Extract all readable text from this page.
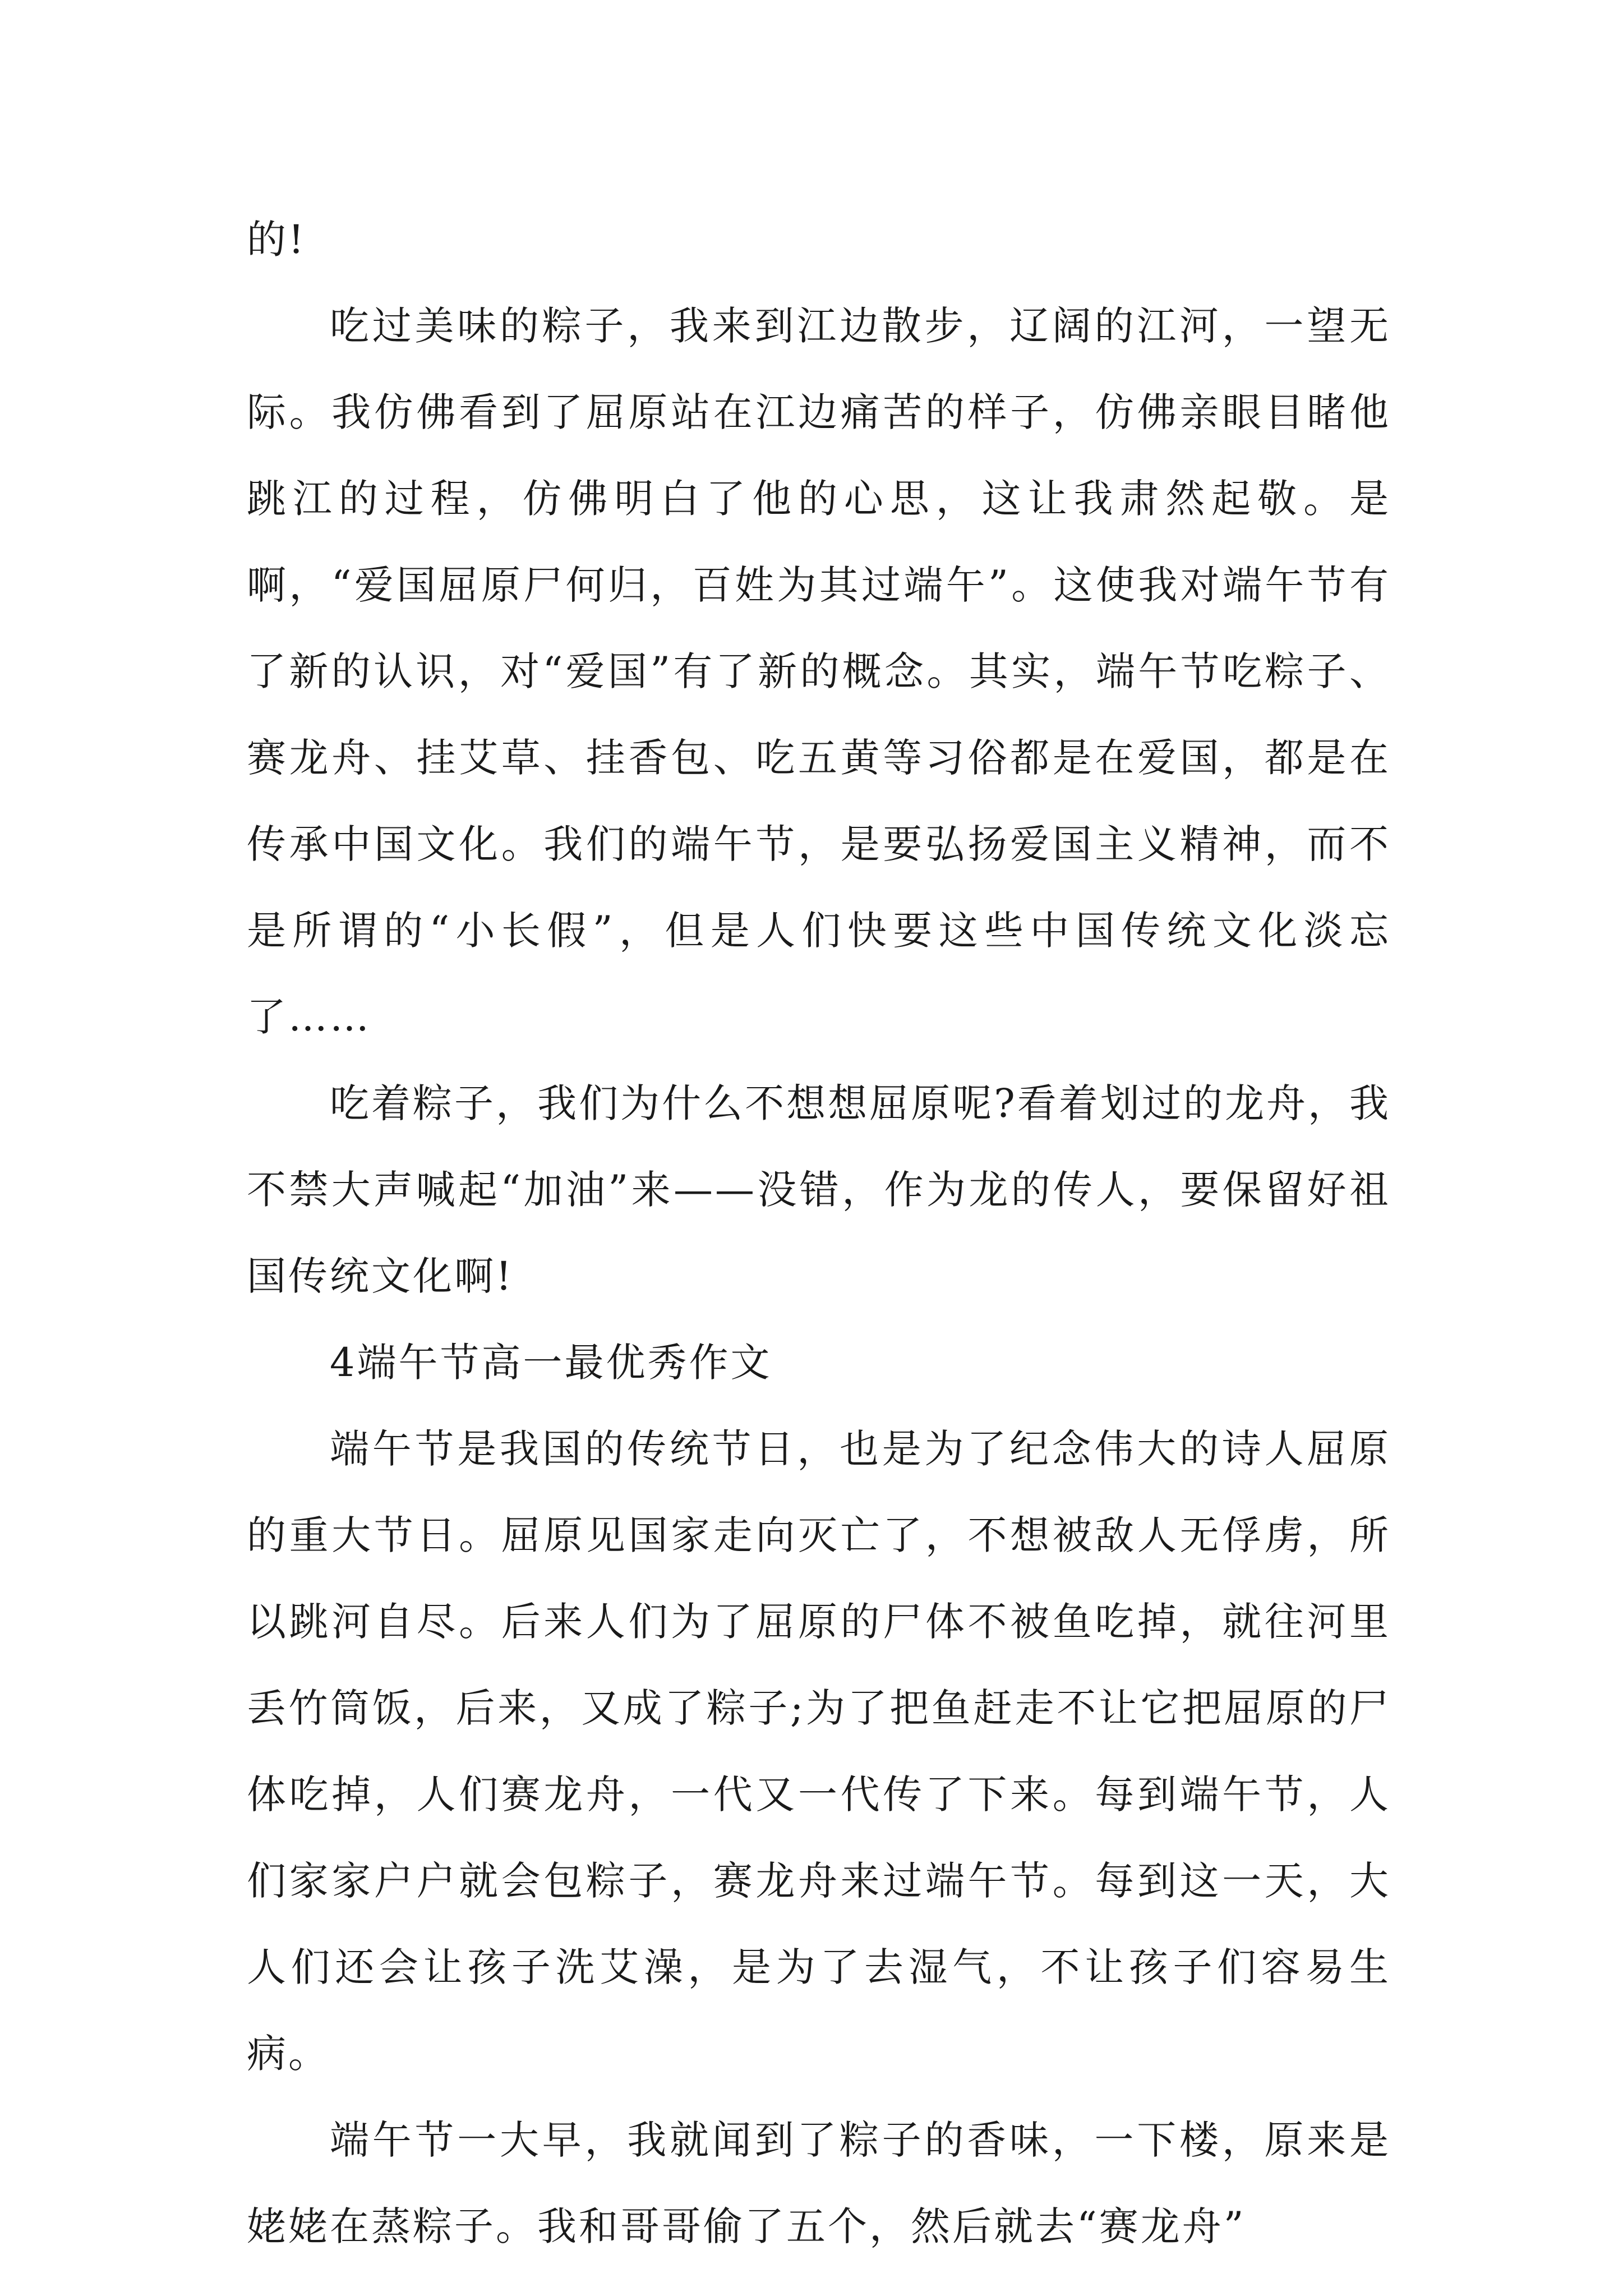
的!

吃过美味的粽子，我来到江边散步，辽阔的江河，一望无际。我仿佛看到了屈原站在江边痛苦的样子，仿佛亲眼目睹他跳江的过程，仿佛明白了他的心思，这让我肃然起敬。是啊，“爱国屈原尸何归，百姓为其过端午”。这使我对端午节有了新的认识，对“爱国”有了新的概念。其实，端午节吃粽子、赛龙舟、挂艾草、挂香包、吃五黄等习俗都是在爱国，都是在传承中国文化。我们的端午节，是要弘扬爱国主义精神，而不是所谓的“小长假”，但是人们快要这些中国传统文化淡忘了……

吃着粽子，我们为什么不想想屈原呢?看着划过的龙舟，我不禁大声喊起“加油”来——没错，作为龙的传人，要保留好祖国传统文化啊!

4端午节高一最优秀作文

端午节是我国的传统节日，也是为了纪念伟大的诗人屈原的重大节日。屈原见国家走向灭亡了，不想被敌人无俘虏，所以跳河自尽。后来人们为了屈原的尸体不被鱼吃掉，就往河里丢竹筒饭，后来，又成了粽子;为了把鱼赶走不让它把屈原的尸体吃掉，人们赛龙舟，一代又一代传了下来。每到端午节，人们家家户户就会包粽子，赛龙舟来过端午节。每到这一天，大人们还会让孩子洗艾澡，是为了去湿气，不让孩子们容易生病。

端午节一大早，我就闻到了粽子的香味，一下楼，原来是姥姥在蒸粽子。我和哥哥偷了五个，然后就去“赛龙舟”
